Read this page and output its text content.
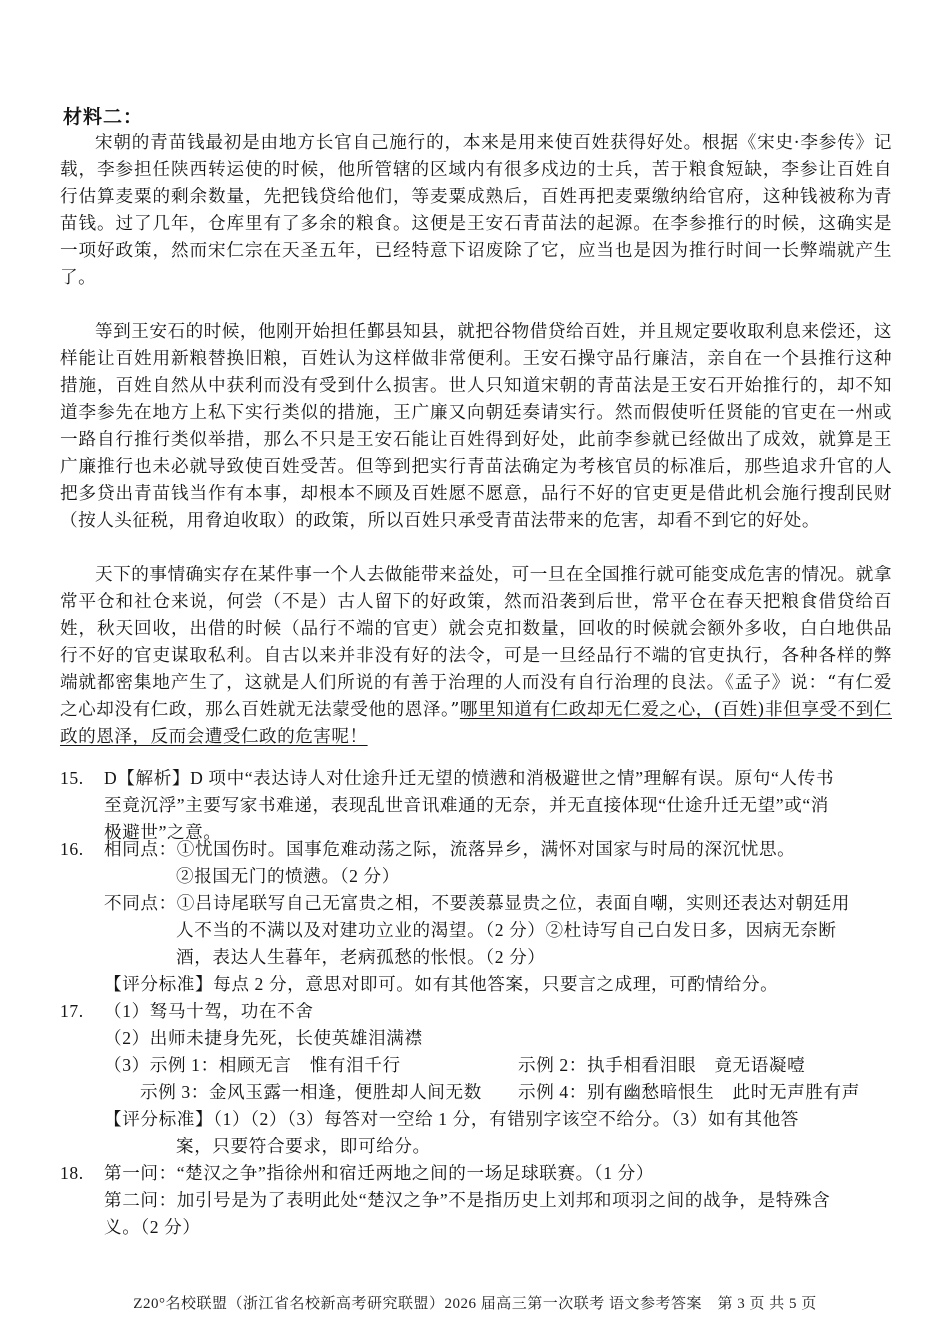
材料二：

宋朝的青苗钱最初是由地方长官自己施行的，本来是用来使百姓获得好处。根据《宋史·李参传》记载，李参担任陕西转运使的时候，他所管辖的区域内有很多戍边的士兵，苦于粮食短缺，李参让百姓自行估算麦粟的剩余数量，先把钱贷给他们，等麦粟成熟后，百姓再把麦粟缴纳给官府，这种钱被称为青苗钱。过了几年，仓库里有了多余的粮食。这便是王安石青苗法的起源。在李参推行的时候，这确实是一项好政策，然而宋仁宗在天圣五年，已经特意下诏废除了它，应当也是因为推行时间一长弊端就产生了。

等到王安石的时候，他刚开始担任鄞县知县，就把谷物借贷给百姓，并且规定要收取利息来偿还，这样能让百姓用新粮替换旧粮，百姓认为这样做非常便利。王安石操守品行廉洁，亲自在一个县推行这种措施，百姓自然从中获利而没有受到什么损害。世人只知道宋朝的青苗法是王安石开始推行的，却不知道李参先在地方上私下实行类似的措施，王广廉又向朝廷奏请实行。然而假使听任贤能的官吏在一州或一路自行推行类似举措，那么不只是王安石能让百姓得到好处，此前李参就已经做出了成效，就算是王广廉推行也未必就导致使百姓受苦。但等到把实行青苗法确定为考核官员的标准后，那些追求升官的人把多贷出青苗钱当作有本事，却根本不顾及百姓愿不愿意，品行不好的官吏更是借此机会施行搜刮民财（按人头征税，用脅迫收取）的政策，所以百姓只承受青苗法带来的危害，却看不到它的好处。

天下的事情确实存在某件事一个人去做能带来益处，可一旦在全国推行就可能变成危害的情况。就拿常平仓和社仓来说，何尝（不是）古人留下的好政策，然而沿袭到后世，常平仓在春天把粮食借贷给百姓，秋天回收，出借的时候（品行不端的官吏）就会克扣数量，回收的时候就会额外多收，白白地供品行不好的官吏谋取私利。自古以来并非没有好的法令，可是一旦经品行不端的官吏执行，各种各样的弊端就都密集地产生了，这就是人们所说的有善于治理的人而没有自行治理的良法。《孟子》说：“有仁爱之心却没有仁政，那么百姓就无法蒙受他的恩泽。”哪里知道有仁政却无仁爱之心，(百姓)非但享受不到仁政的恩泽，反而会遭受仁政的危害呢！

15. D【解析】D 项中“表达诗人对仕途升迁无望的愤懑和消极避世之情”理解有误。原句“人传书
至竟沉浮”主要写家书难递，表现乱世音讯难通的无奈，并无直接体现“仕途升迁无望”或“消
极避世”之意。
16. 相同点：①忧国伤时。国事危难动荡之际，流落异乡，满怀对国家与时局的深沉忧思。
②报国无门的愤懑。（2 分）
不同点：①吕诗尾联写自己无富贵之相，不要羡慕显贵之位，表面自嘲，实则还表达对朝廷用
人不当的不满以及对建功立业的渴望。（2 分）②杜诗写自己白发日多，因病无奈断
酒，表达人生暮年，老病孤愁的怅恨。（2 分）
【评分标准】每点 2 分，意思对即可。如有其他答案，只要言之成理，可酌情给分。
17. （1）驽马十驾，功在不舍
（2）出师未捷身先死，长使英雄泪满襟
（3）示例 1：相顾无言　惟有泪千行	示例 2：执手相看泪眼　竟无语凝噎
示例 3：金风玉露一相逢，便胜却人间无数 示例 4：别有幽愁暗恨生　此时无声胜有声
【评分标准】（1）（2）（3）每答对一空给 1 分，有错别字该空不给分。（3）如有其他答
案，只要符合要求，即可给分。
18. 第一问：“楚汉之争”指徐州和宿迁两地之间的一场足球联赛。（1 分）
第二问：加引号是为了表明此处“楚汉之争”不是指历史上刘邦和项羽之间的战争，是特殊含
义。（2 分）
Z20°名校联盟（浙江省名校新高考研究联盟）2026 届高三第一次联考 语文参考答案　第 3 页 共 5 页
